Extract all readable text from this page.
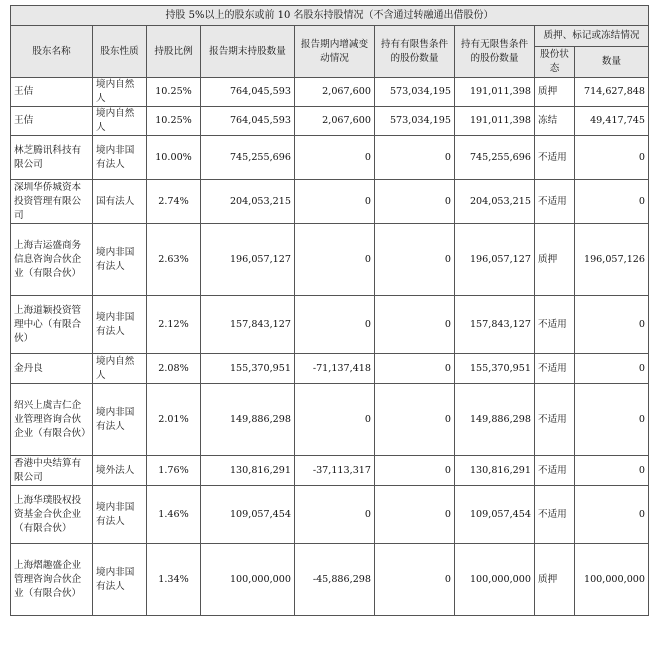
持股 5%以上的股东或前 10 名股东持股情况（不含通过转融通出借股份）								
股东名称	股东性质	持股比例	报告期末持股数量	报告期内增减变动情况	持有有限售条件的股份数量	持有无限售条件的股份数量	质押、标记或冻结情况	
							股份状态	数量
王佶	境内自然人	10.25%	764,045,593	2,067,600	573,034,195	191,011,398	质押	714,627,848
王佶	境内自然人	10.25%	764,045,593	2,067,600	573,034,195	191,011,398	冻结	49,417,745
林芝腾讯科技有限公司	境内非国有法人	10.00%	745,255,696	0	0	745,255,696	不适用	0
深圳华侨城资本投资管理有限公司	国有法人	2.74%	204,053,215	0	0	204,053,215	不适用	0
上海吉运盛商务信息咨询合伙企业（有限合伙）	境内非国有法人	2.63%	196,057,127	0	0	196,057,127	质押	196,057,126
上海道颖投资管理中心（有限合伙）	境内非国有法人	2.12%	157,843,127	0	0	157,843,127	不适用	0
金丹良	境内自然人	2.08%	155,370,951	-71,137,418	0	155,370,951	不适用	0
绍兴上虞吉仁企业管理咨询合伙企业（有限合伙）	境内非国有法人	2.01%	149,886,298	0	0	149,886,298	不适用	0
香港中央结算有限公司	境外法人	1.76%	130,816,291	-37,113,317	0	130,816,291	不适用	0
上海华璞股权投资基金合伙企业（有限合伙）	境内非国有法人	1.46%	109,057,454	0	0	109,057,454	不适用	0
上海熠趣盛企业管理咨询合伙企业（有限合伙）	境内非国有法人	1.34%	100,000,000	-45,886,298	0	100,000,000	质押	100,000,000
